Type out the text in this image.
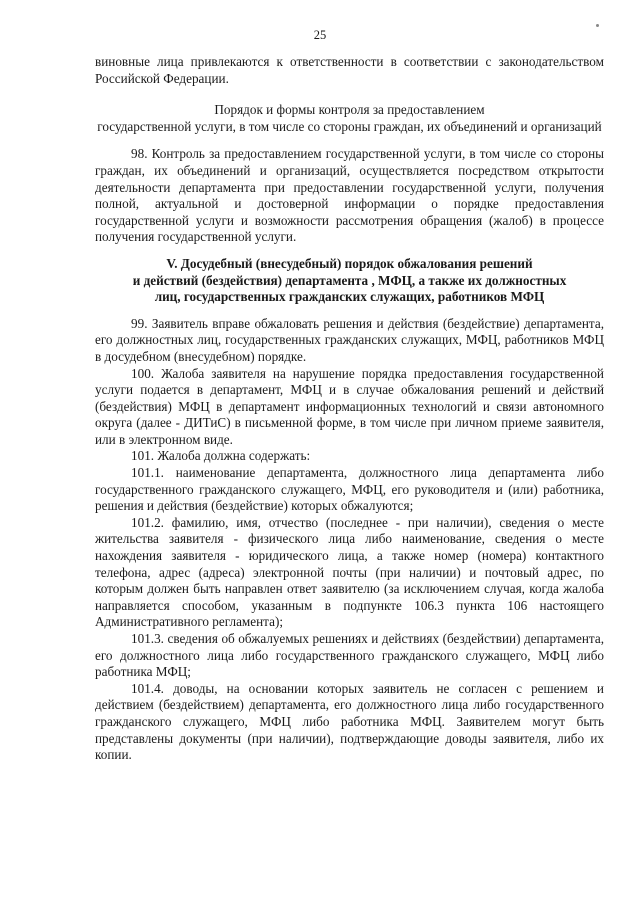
25

виновные лица привлекаются к ответственности в соответствии с законодательством Российской Федерации.

Порядок и формы контроля за предоставлением
государственной услуги, в том числе со стороны граждан, их объединений и организаций

98. Контроль за предоставлением государственной услуги, в том числе со стороны граждан, их объединений и организаций, осуществляется посредством открытости деятельности департамента при предоставлении государственной услуги, получения полной, актуальной и достоверной информации о порядке предоставления государственной услуги и возможности рассмотрения обращения (жалоб) в процессе получения государственной услуги.

V. Досудебный (внесудебный) порядок обжалования решений
и действий (бездействия) департамента , МФЦ, а также их должностных
лиц, государственных гражданских служащих, работников МФЦ

99. Заявитель вправе обжаловать решения и действия (бездействие) департамента, его должностных лиц, государственных гражданских служащих, МФЦ, работников МФЦ в досудебном (внесудебном) порядке.

100. Жалоба заявителя на нарушение порядка предоставления государственной услуги подается в департамент, МФЦ и в случае обжалования решений и действий (бездействия) МФЦ в департамент информационных технологий и связи автономного округа (далее - ДИТиС) в письменной форме, в том числе при личном приеме заявителя, или в электронном виде.

101. Жалоба должна содержать:

101.1. наименование департамента, должностного лица департамента либо государственного гражданского служащего, МФЦ, его руководителя и (или) работника, решения и действия (бездействие) которых обжалуются;

101.2. фамилию, имя, отчество (последнее - при наличии), сведения о месте жительства заявителя - физического лица либо наименование, сведения о месте нахождения заявителя - юридического лица, а также номер (номера) контактного телефона, адрес (адреса) электронной почты (при наличии) и почтовый адрес, по которым должен быть направлен ответ заявителю (за исключением случая, когда жалоба направляется способом, указанным в подпункте 106.3 пункта 106 настоящего Административного регламента);

101.3. сведения об обжалуемых решениях и действиях (бездействии) департамента, его должностного лица либо государственного гражданского служащего, МФЦ либо работника МФЦ;

101.4. доводы, на основании которых заявитель не согласен с решением и действием (бездействием) департамента, его должностного лица либо государственного гражданского служащего, МФЦ либо работника МФЦ. Заявителем могут быть представлены документы (при наличии), подтверждающие доводы заявителя, либо их копии.
